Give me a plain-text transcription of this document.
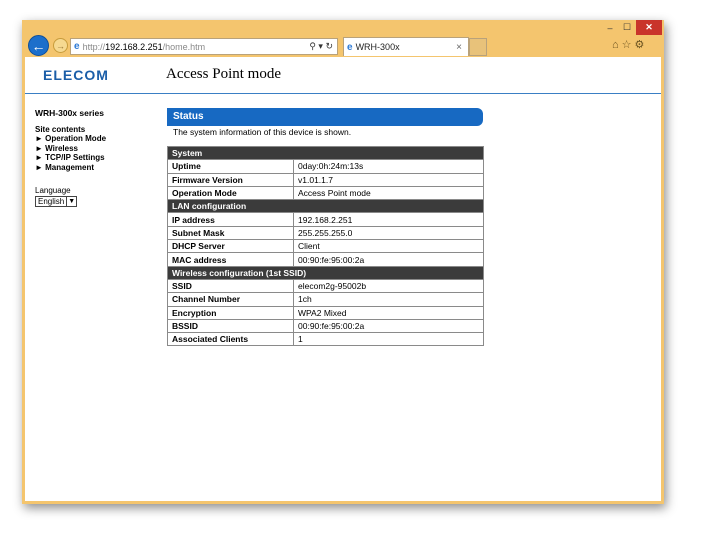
–	☐	✕
← → e http:// 192.168.2.251 /home.htm	⚲ ▾ ↻ e WRH-300x	×	⌂☆⚙
ELECOM	Access Point mode
WRH-300x series
Site contents
► Operation Mode
► Wireless
► TCP/IP Settings
► Management
Language
English ▼
Status
The system information of this device is shown.
System	
Uptime	0day:0h:24m:13s
Firmware Version	v1.01.1.7
Operation Mode	Access Point mode
LAN configuration	
IP address	192.168.2.251
Subnet Mask	255.255.255.0
DHCP Server	Client
MAC address	00:90:fe:95:00:2a
Wireless configuration (1st SSID)	
SSID	elecom2g-95002b
Channel Number	1ch
Encryption	WPA2 Mixed
BSSID	00:90:fe:95:00:2a
Associated Clients	1
